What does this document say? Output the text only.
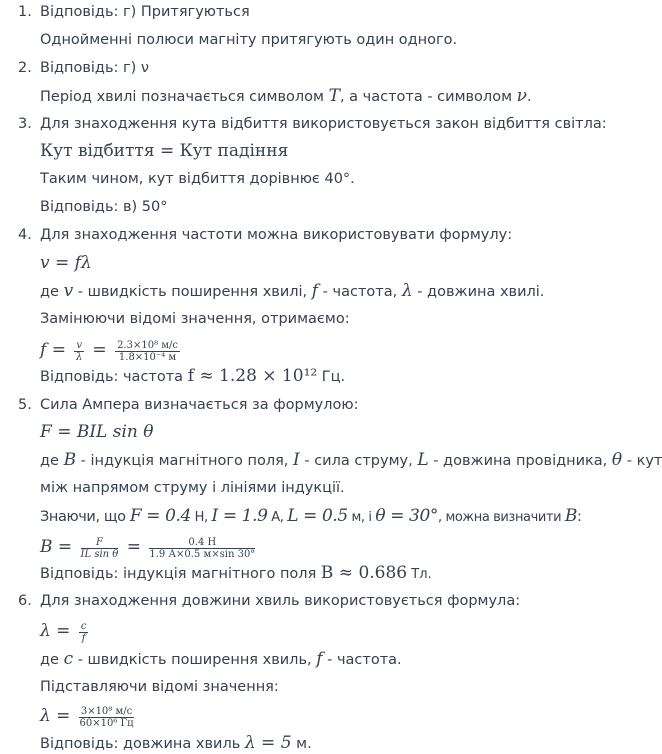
1. Відповідь: г) Притягуються
Однойменні полюси магніту притягують один одного.
2. Відповідь: г) ν
Період хвилі позначається символом T, а частота - символом ν.
3. Для знаходження кута відбиття використовується закон відбиття світла:
Кут відбиття = Кут падіння
Таким чином, кут відбиття дорівнює 40°.
Відповідь: в) 50°
4. Для знаходження частоти можна використовувати формулу:
v = fλ
де v - швидкість поширення хвилі, f - частота, λ - довжина хвилі.
Замінюючи відомі значення, отримаємо:
$f = \frac{v}{\lambda} = 2.3\times 10^8$ м/с
1.8×10⁻⁴ м
Відповідь: частота f ≈ 1.28 × 10¹² Гц.
5. Сила Ампера визначається за формулою:
F = BIL sin θ
де B - індукція магнітного поля, I - сила струму, L - довжина провідника, θ - кут
між напрямом струму і лініями індукції.
Знаючи, що F = 0.4 Н, I = 1.9 А, L = 0.5 м, і θ = 30°, можна визначити B:
$B = \frac{F}{\text{IL sin θ}}$ =	0.4 Н
1.9 А×0.5 м×sin 30°
Відповідь: індукція магнітного поля B ≈ 0.686 Тл.
6. Для знаходження довжини хвиль використовується формула:
$\lambda = \frac{c}{f}$
де c - швидкість поширення хвиль, f - частота.
Підставляючи відомі значення:
λ = 3×10⁸ м/с
60×10⁶ Гц
Відповідь: довжина хвиль λ = 5 м.
